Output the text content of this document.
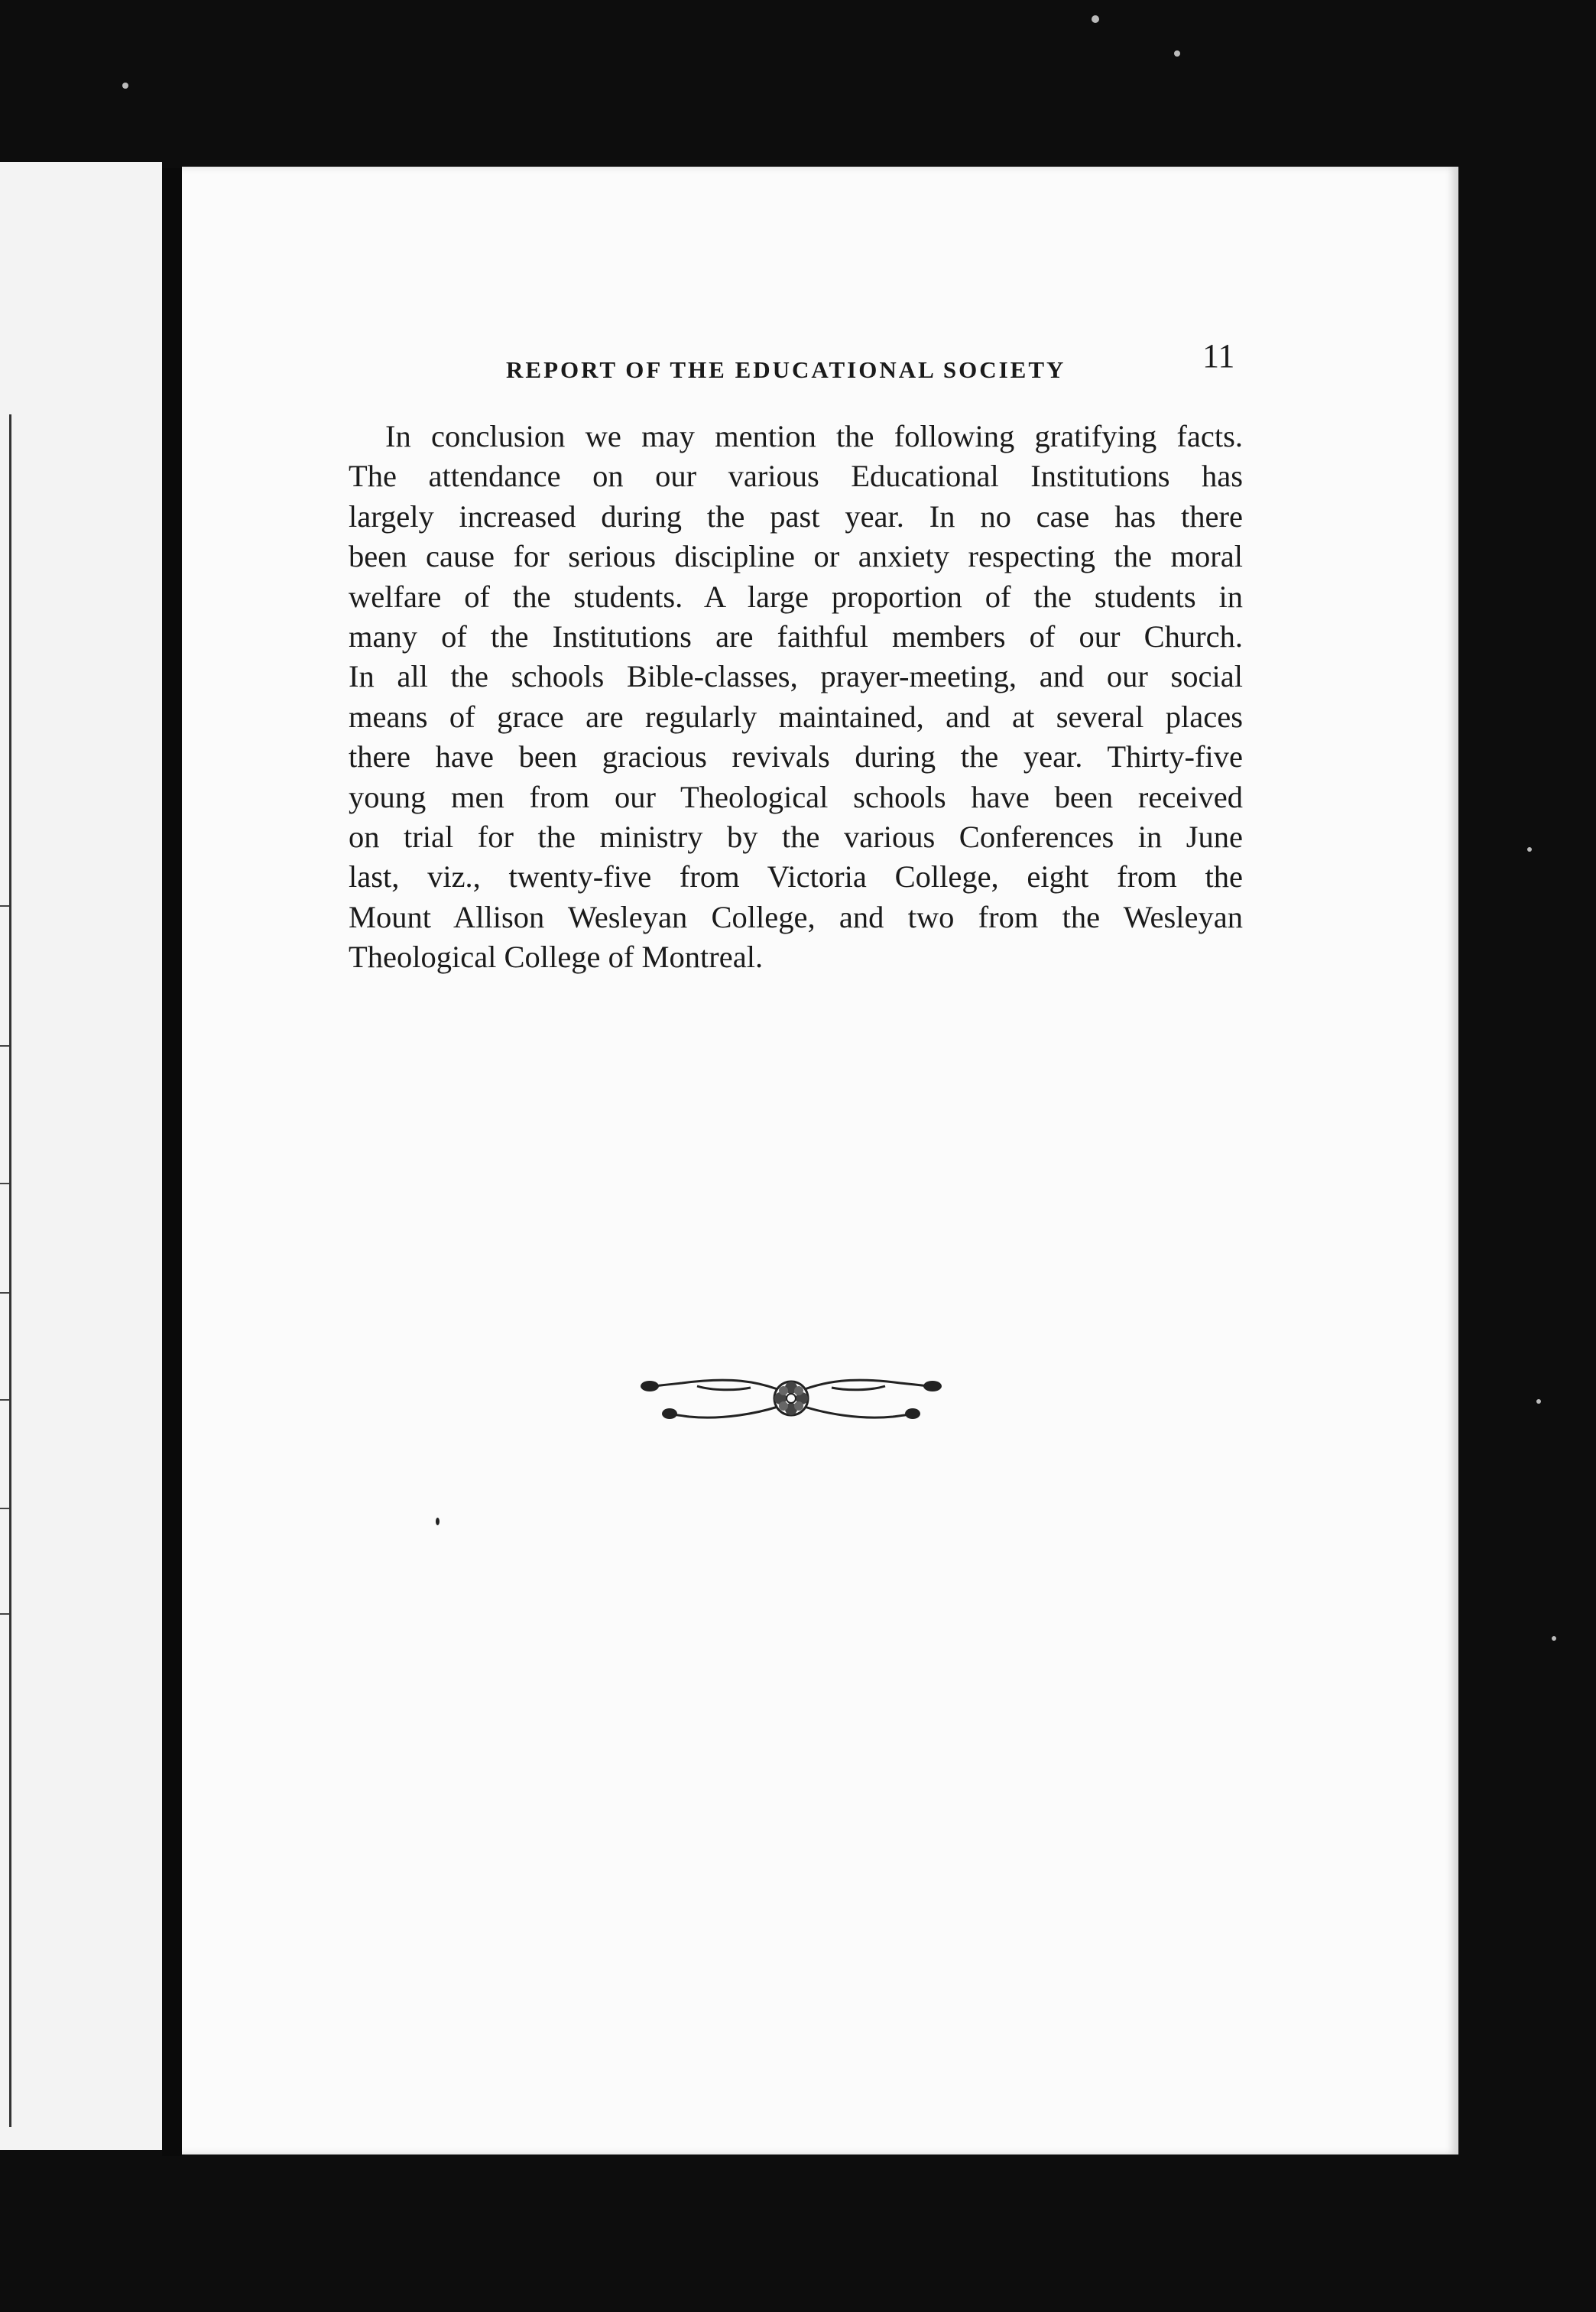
REPORT OF THE EDUCATIONAL SOCIETY	11
In conclusion we may mention the following gratifying facts.
The attendance on our various Educational Institutions has
largely increased during the past year. In no case has there
been cause for serious discipline or anxiety respecting the moral
welfare of the students. A large proportion of the students in
many of the Institutions are faithful members of our Church.
In all the schools Bible-classes, prayer-meeting, and our social
means of grace are regularly maintained, and at several places
there have been gracious revivals during the year. Thirty-five
young men from our Theological schools have been received
on trial for the ministry by the various Conferences in June
last, viz., twenty-five from Victoria College, eight from the
Mount Allison Wesleyan College, and two from the Wesleyan
Theological College of Montreal.
